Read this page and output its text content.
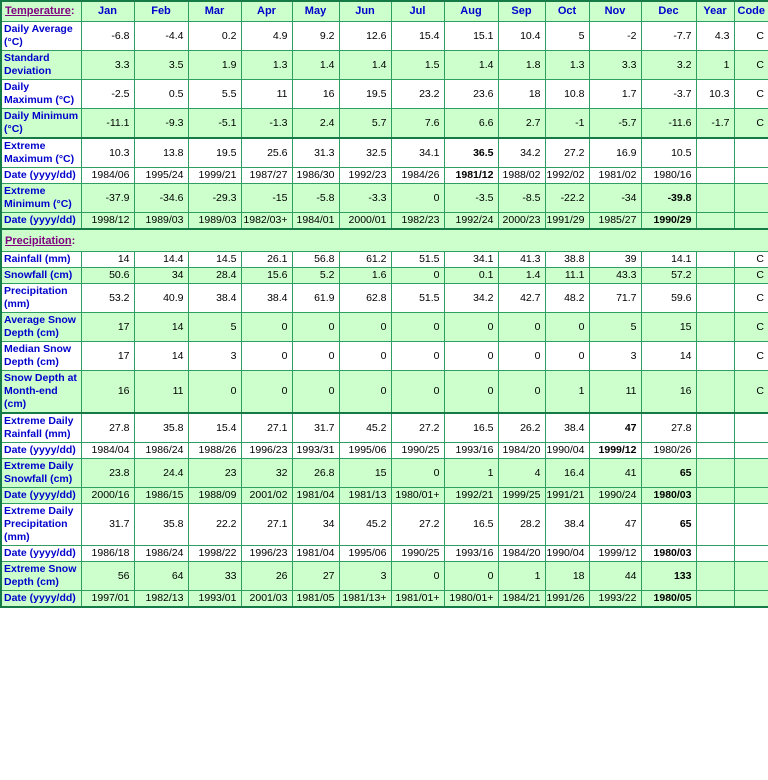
Temperature:	Jan	Feb	Mar	Apr	May	Jun	Jul	Aug	Sep	Oct	Nov	Dec	Year	Code
Daily Average (°C)	-6.8	-4.4	0.2	4.9	9.2	12.6	15.4	15.1	10.4	5	-2	-7.7	4.3	C
Standard Deviation	3.3	3.5	1.9	1.3	1.4	1.4	1.5	1.4	1.8	1.3	3.3	3.2	1	C
Daily Maximum (°C)	-2.5	0.5	5.5	11	16	19.5	23.2	23.6	18	10.8	1.7	-3.7	10.3	C
Daily Minimum (°C)	-11.1	-9.3	-5.1	-1.3	2.4	5.7	7.6	6.6	2.7	-1	-5.7	-11.6	-1.7	C
Extreme Maximum (°C)	10.3	13.8	19.5	25.6	31.3	32.5	34.1	36.5	34.2	27.2	16.9	10.5		
Date (yyyy/dd)	1984/06	1995/24	1999/21	1987/27	1986/30	1992/23	1984/26	1981/12	1988/02	1992/02	1981/02	1980/16		
Extreme Minimum (°C)	-37.9	-34.6	-29.3	-15	-5.8	-3.3	0	-3.5	-8.5	-22.2	-34	-39.8		
Date (yyyy/dd)	1998/12	1989/03	1989/03	1982/03+	1984/01	2000/01	1982/23	1992/24	2000/23	1991/29	1985/27	1990/29		
Precipitation:														
Rainfall (mm)	14	14.4	14.5	26.1	56.8	61.2	51.5	34.1	41.3	38.8	39	14.1		C
Snowfall (cm)	50.6	34	28.4	15.6	5.2	1.6	0	0.1	1.4	11.1	43.3	57.2		C
Precipitation (mm)	53.2	40.9	38.4	38.4	61.9	62.8	51.5	34.2	42.7	48.2	71.7	59.6		C
Average Snow Depth (cm)	17	14	5	0	0	0	0	0	0	0	5	15		C
Median Snow Depth (cm)	17	14	3	0	0	0	0	0	0	0	3	14		C
Snow Depth at Month-end (cm)	16	11	0	0	0	0	0	0	0	1	11	16		C
Extreme Daily Rainfall (mm)	27.8	35.8	15.4	27.1	31.7	45.2	27.2	16.5	26.2	38.4	47	27.8		
Date (yyyy/dd)	1984/04	1986/24	1988/26	1996/23	1993/31	1995/06	1990/25	1993/16	1984/20	1990/04	1999/12	1980/26		
Extreme Daily Snowfall (cm)	23.8	24.4	23	32	26.8	15	0	1	4	16.4	41	65		
Date (yyyy/dd)	2000/16	1986/15	1988/09	2001/02	1981/04	1981/13	1980/01+	1992/21	1999/25	1991/21	1990/24	1980/03		
Extreme Daily Precipitation (mm)	31.7	35.8	22.2	27.1	34	45.2	27.2	16.5	28.2	38.4	47	65		
Date (yyyy/dd)	1986/18	1986/24	1998/22	1996/23	1981/04	1995/06	1990/25	1993/16	1984/20	1990/04	1999/12	1980/03		
Extreme Snow Depth (cm)	56	64	33	26	27	3	0	0	1	18	44	133		
Date (yyyy/dd)	1997/01	1982/13	1993/01	2001/03	1981/05	1981/13+	1981/01+	1980/01+	1984/21	1991/26	1993/22	1980/05		
